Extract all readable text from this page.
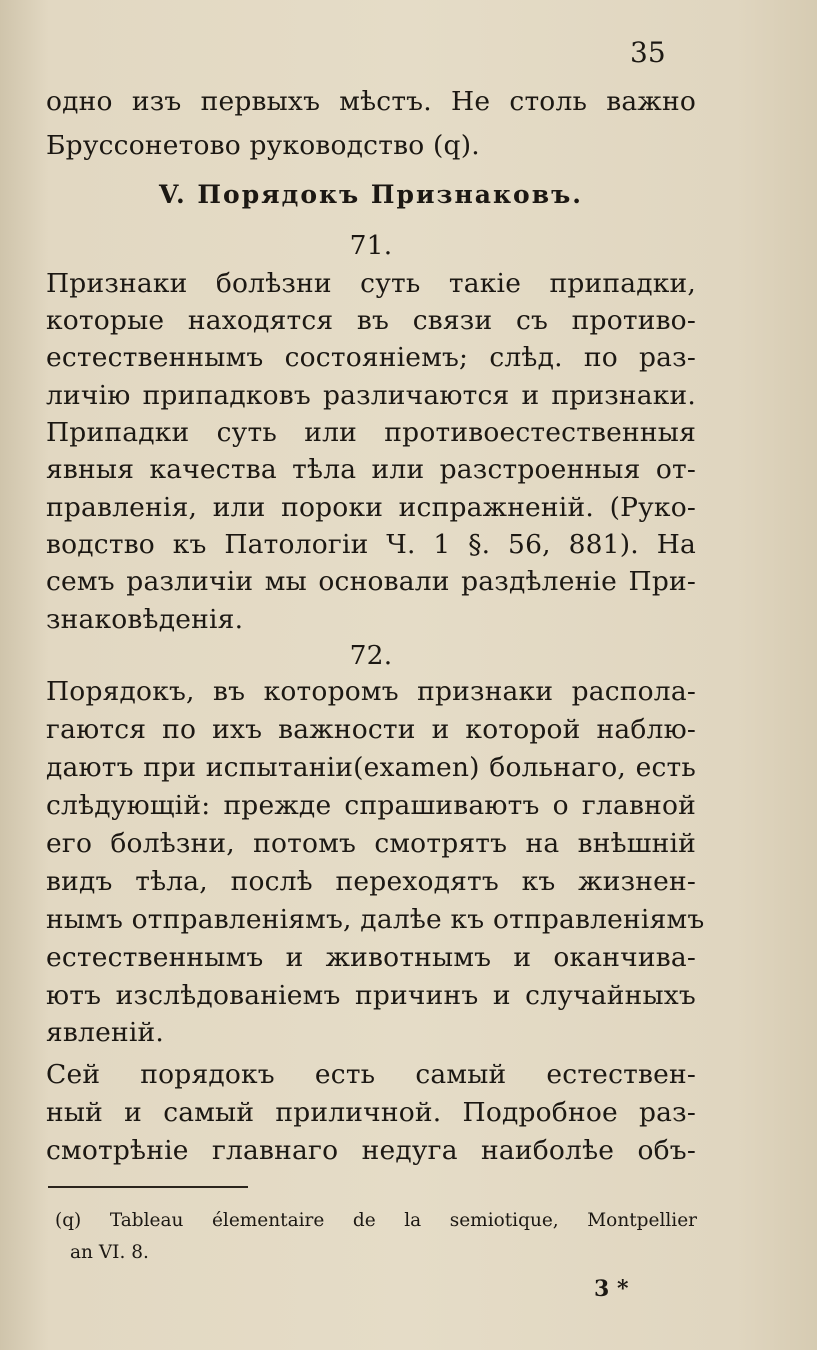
35
одно изъ первыхъ мѣстъ. Не столь важно
Бруссонетово руководство (q).
V. Порядокъ Признаковъ.
71.
Признаки болѣзни суть такіе припадки,
которые находятся въ связи съ противо-
естественнымъ состояніемъ; слѣд. по раз-
личію припадковъ различаются и признаки.
Припадки суть или противоестественныя
явныя качества тѣла или разстроенныя от-
правленія, или пороки испражненій. (Руко-
водство къ Патологіи Ч. 1 §. 56, 881). На
семъ различіи мы основали раздѣленіе При-
знаковѣденія.
72.
Порядокъ, въ которомъ признаки распола-
гаются по ихъ важности и которой наблю-
даютъ при испытаніи(examen) больнаго, есть
слѣдующій: прежде спрашиваютъ о главной
его болѣзни, потомъ смотрятъ на внѣшній
видъ тѣла, послѣ переходятъ къ жизнен-
нымъ отправленіямъ, далѣе къ отправленіямъ
естественнымъ и животнымъ и оканчива-
ютъ изслѣдованіемъ причинъ и случайныхъ
явленій.
Сей порядокъ есть самый естествен-
ный и самый приличной. Подробное раз-
смотрѣніе главнаго недуга наиболѣе объ-
(q) Tableau élementaire de la semiotique, Montpellier
an VI. 8.
3 *
